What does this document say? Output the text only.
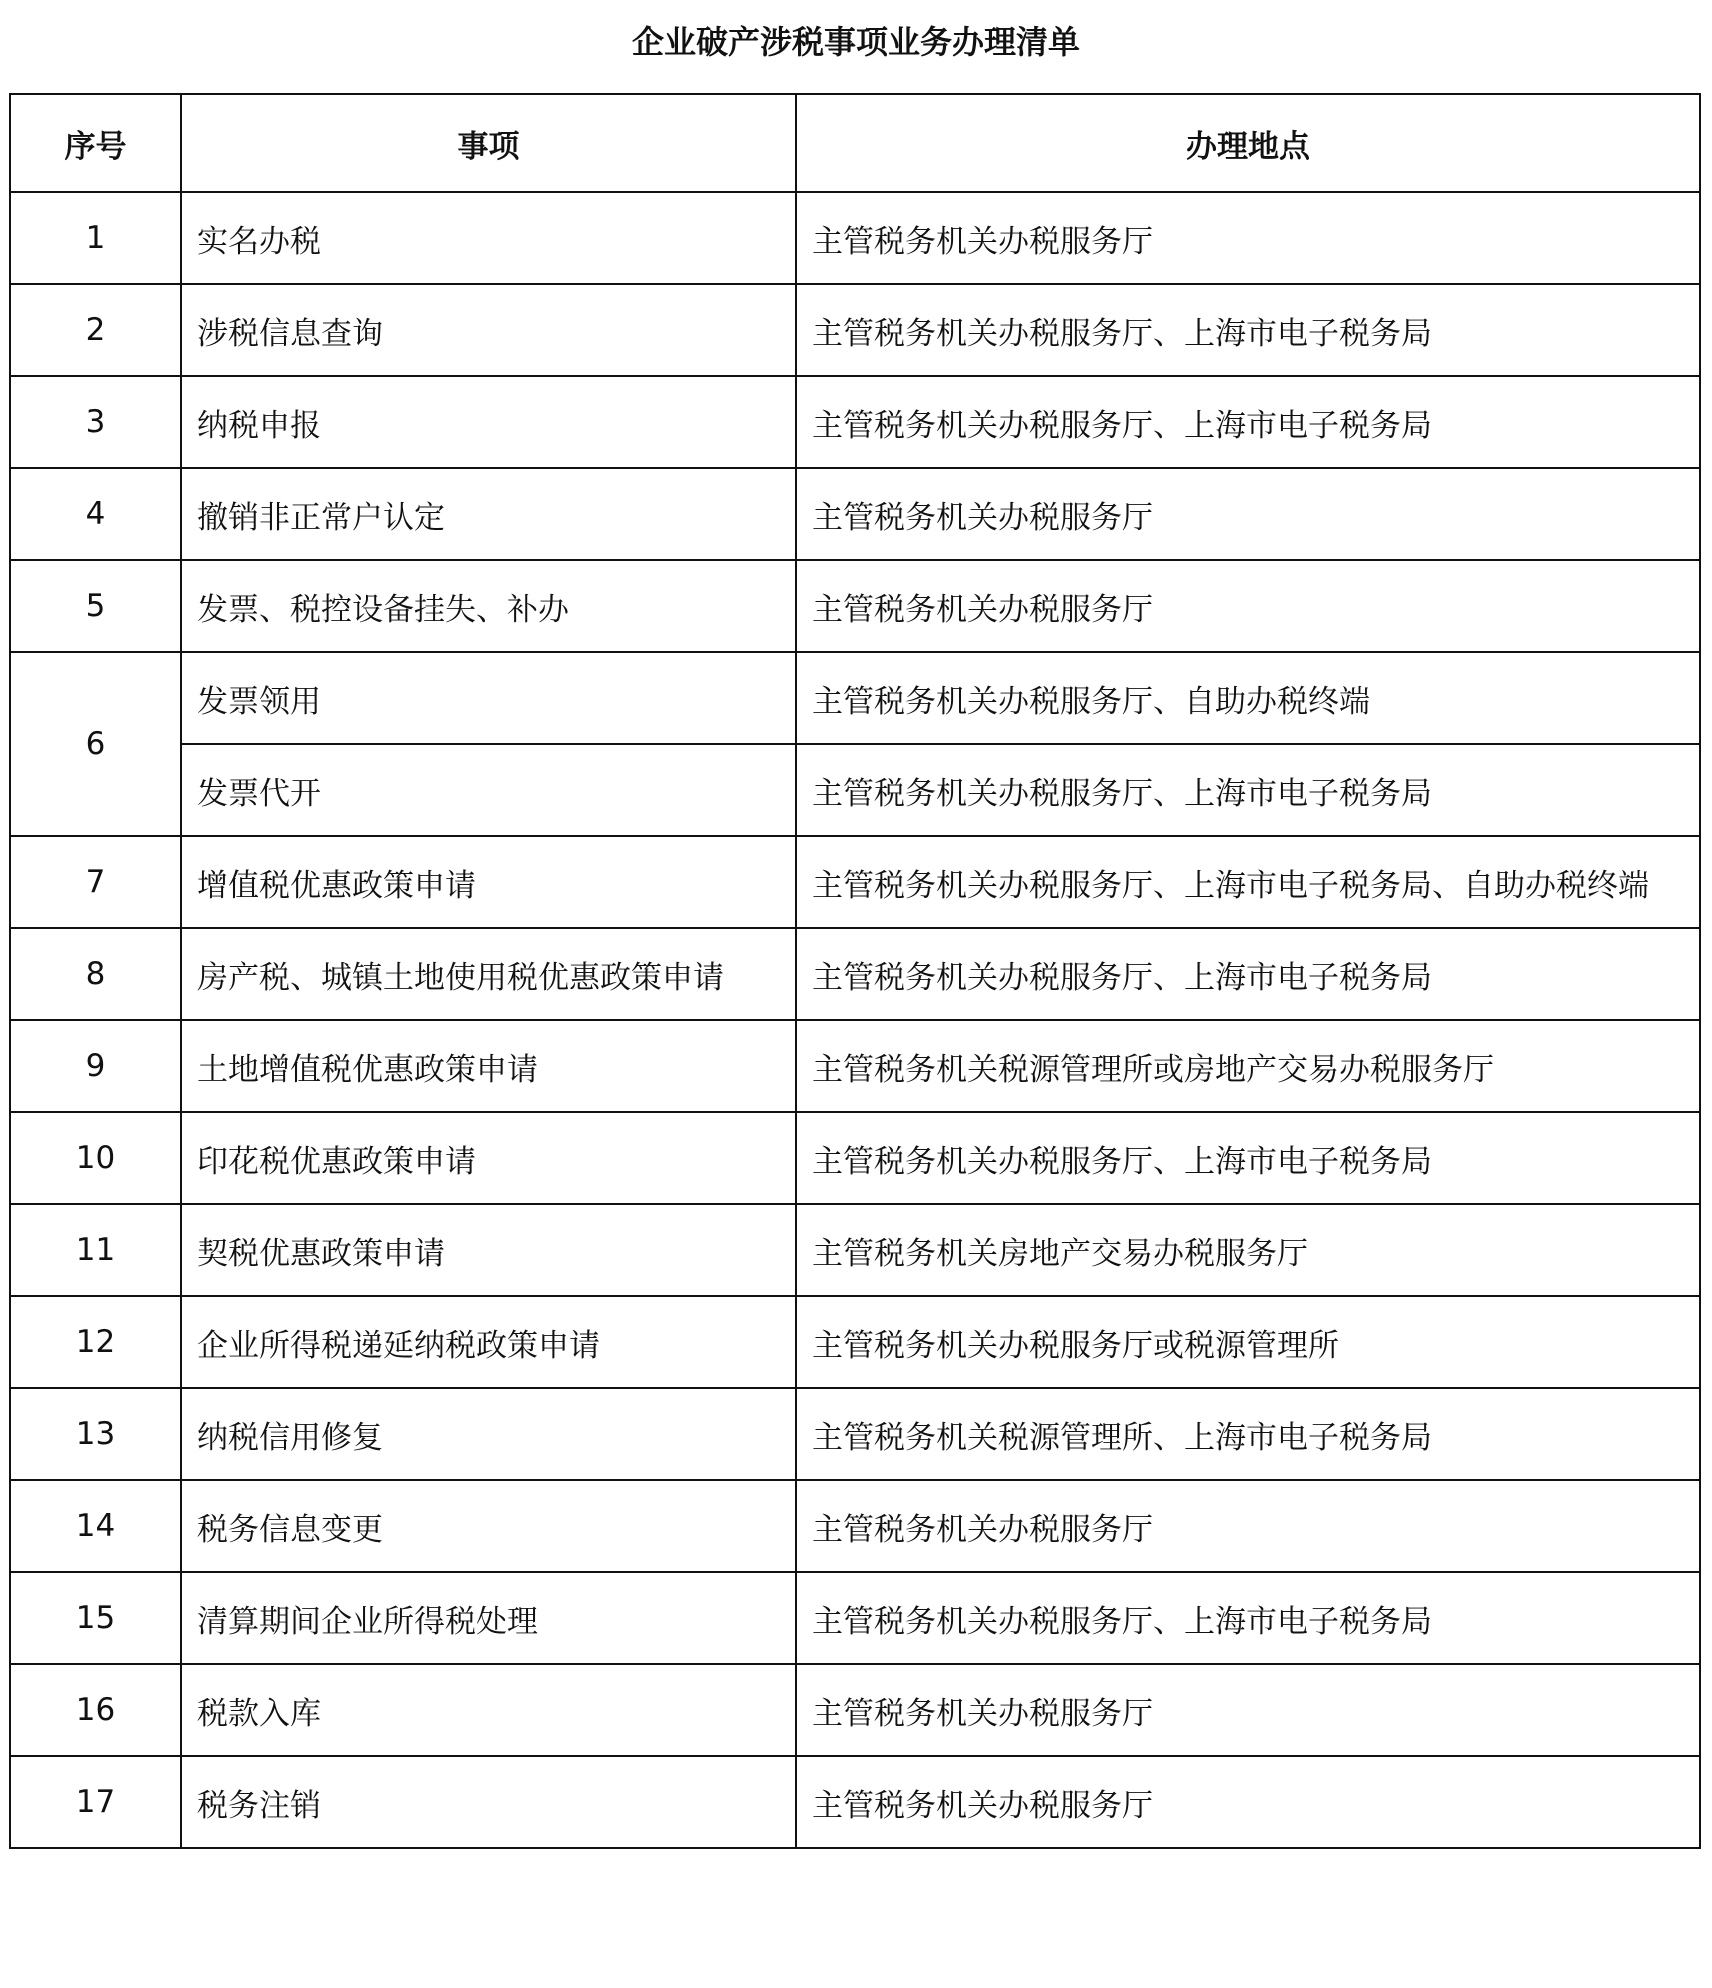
企业破产涉税事项业务办理清单
序号	事项	办理地点
1	实名办税	主管税务机关办税服务厅
2	涉税信息查询	主管税务机关办税服务厅、上海市电子税务局
3	纳税申报	主管税务机关办税服务厅、上海市电子税务局
4	撤销非正常户认定	主管税务机关办税服务厅
5	发票、税控设备挂失、补办	主管税务机关办税服务厅
6	发票领用	主管税务机关办税服务厅、自助办税终端
	发票代开	主管税务机关办税服务厅、上海市电子税务局
7	增值税优惠政策申请	主管税务机关办税服务厅、上海市电子税务局、自助办税终端
8	房产税、城镇土地使用税优惠政策申请	主管税务机关办税服务厅、上海市电子税务局
9	土地增值税优惠政策申请	主管税务机关税源管理所或房地产交易办税服务厅
10	印花税优惠政策申请	主管税务机关办税服务厅、上海市电子税务局
11	契税优惠政策申请	主管税务机关房地产交易办税服务厅
12	企业所得税递延纳税政策申请	主管税务机关办税服务厅或税源管理所
13	纳税信用修复	主管税务机关税源管理所、上海市电子税务局
14	税务信息变更	主管税务机关办税服务厅
15	清算期间企业所得税处理	主管税务机关办税服务厅、上海市电子税务局
16	税款入库	主管税务机关办税服务厅
17	税务注销	主管税务机关办税服务厅
